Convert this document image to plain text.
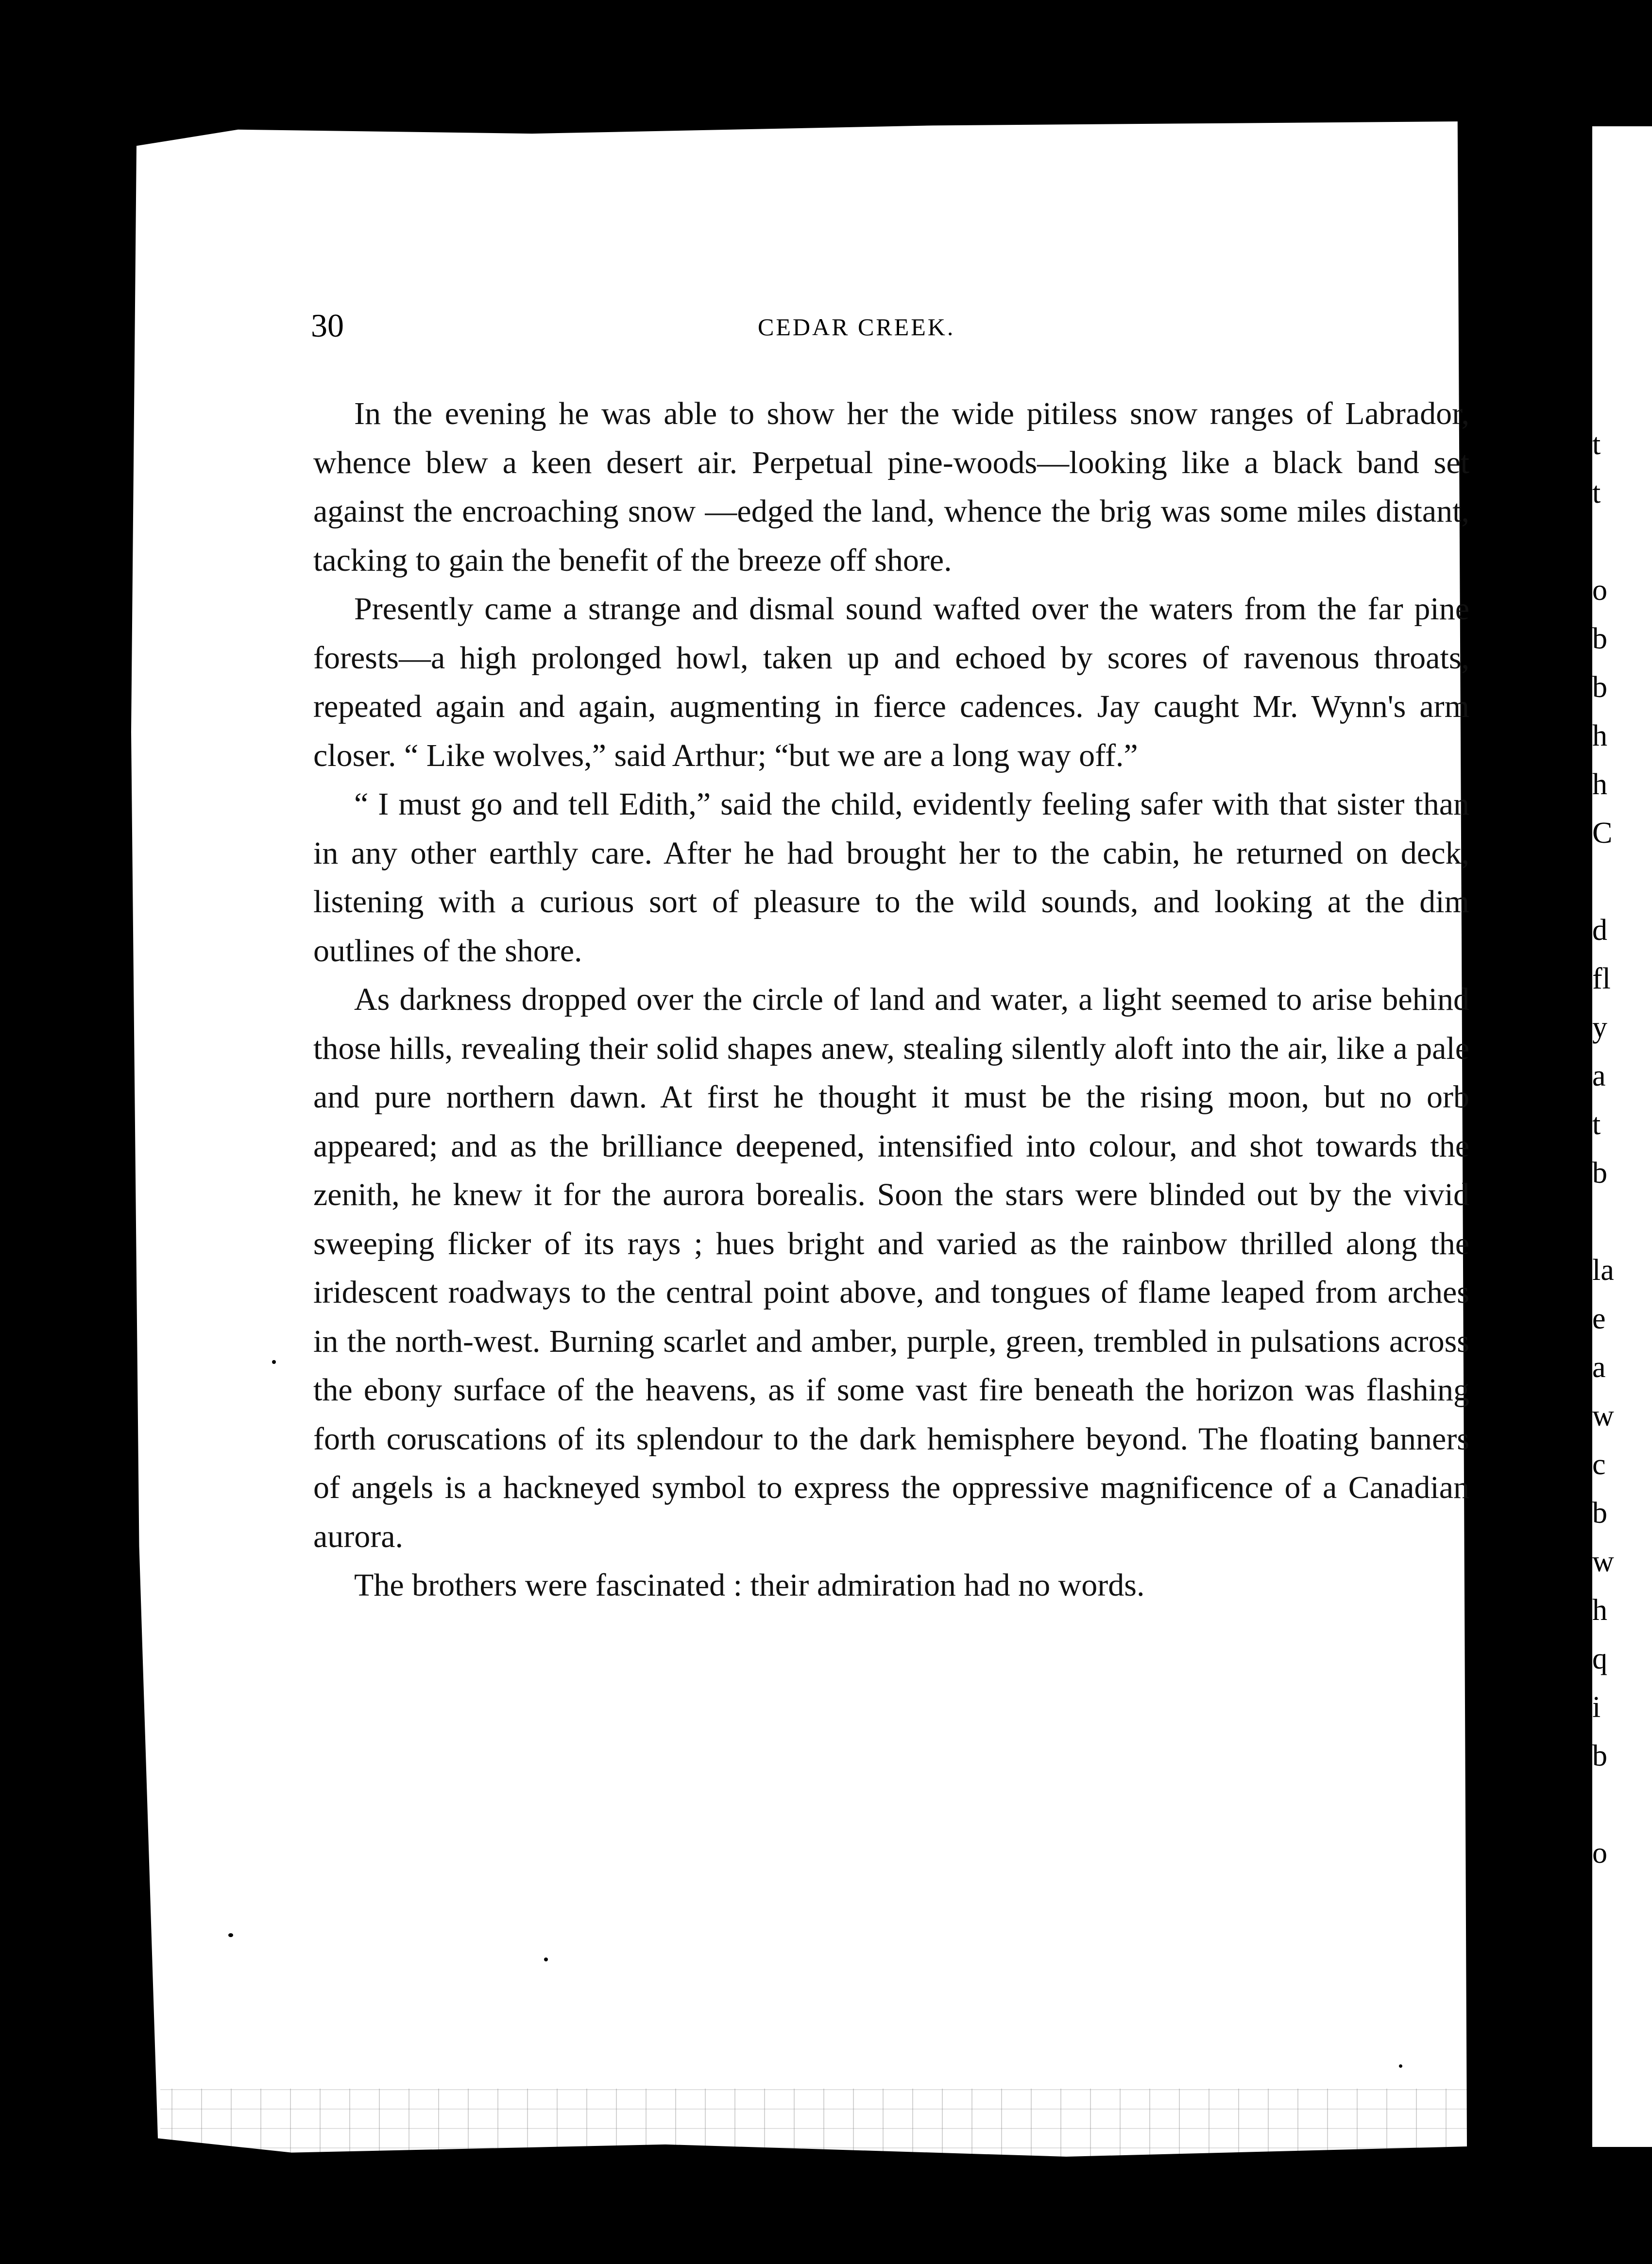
30	CEDAR CREEK.

In the evening he was able to show her the wide pitiless snow ranges of Labrador, whence blew a keen desert air. Perpetual pine-woods—looking like a black band set against the encroaching snow —edged the land, whence the brig was some miles distant, tacking to gain the benefit of the breeze off shore.

Presently came a strange and dismal sound wafted over the waters from the far pine forests—a high prolonged howl, taken up and echoed by scores of ravenous throats, repeated again and again, augmenting in fierce cadences. Jay caught Mr. Wynn's arm closer. “ Like wolves,” said Arthur; “but we are a long way off.”

“ I must go and tell Edith,” said the child, evidently feeling safer with that sister than in any other earthly care. After he had brought her to the cabin, he returned on deck, listening with a curious sort of pleasure to the wild sounds, and looking at the dim outlines of the shore.

As darkness dropped over the circle of land and water, a light seemed to arise behind those hills, revealing their solid shapes anew, stealing silently aloft into the air, like a pale and pure northern dawn. At first he thought it must be the rising moon, but no orb appeared; and as the brilliance deepened, intensified into colour, and shot towards the zenith, he knew it for the aurora borealis. Soon the stars were blinded out by the vivid sweeping flicker of its rays ; hues bright and varied as the rainbow thrilled along the iridescent roadways to the central point above, and tongues of flame leaped from arches in the north-west. Burning scarlet and amber, purple, green, trembled in pulsations across the ebony surface of the heavens, as if some vast fire beneath the horizon was flashing forth coruscations of its splendour to the dark hemisphere beyond. The floating banners of angels is a hackneyed symbol to express the oppressive magnificence of a Canadian aurora.

The brothers were fascinated : their admiration had no words.

t
t
o
b
b
h
h
C
d
fl
y
a
t
b
la
e
a
w
c
b
w
h
q
i
b
o
